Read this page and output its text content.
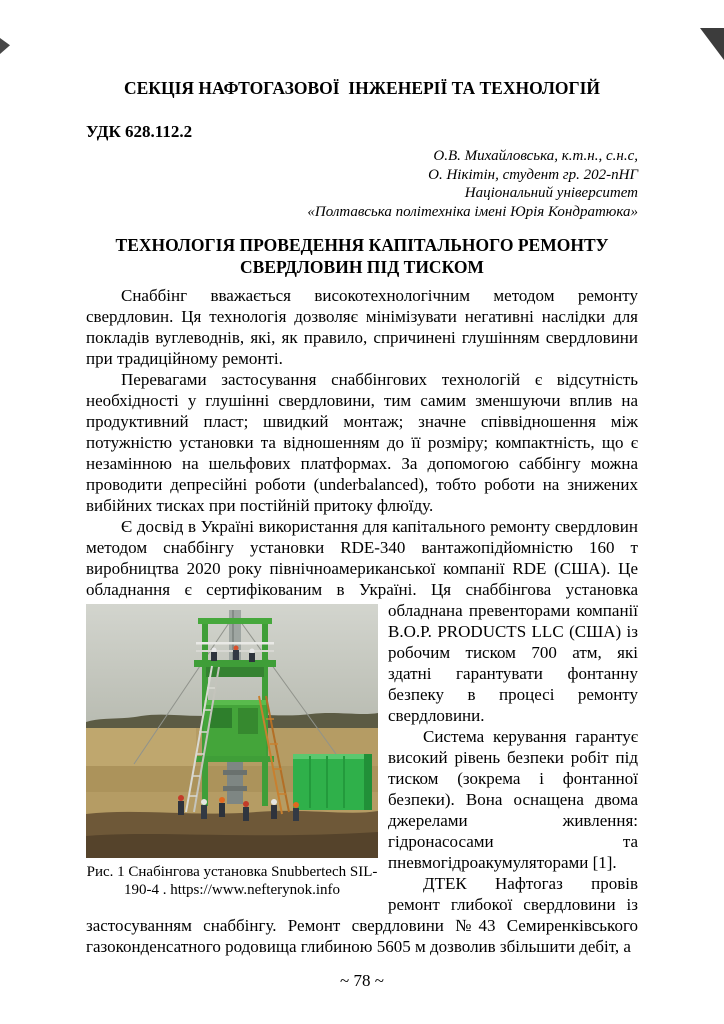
СЕКЦІЯ НАФТОГАЗОВОЇ  ІНЖЕНЕРІЇ ТА ТЕХНОЛОГІЙ
УДК 628.112.2
О.В. Михайловська, к.т.н., с.н.с,
О. Нікітін, студент гр. 202-пНГ
Національний університет
«Полтавська політехніка імені Юрія Кондратюка»
ТЕХНОЛОГІЯ ПРОВЕДЕННЯ КАПІТАЛЬНОГО РЕМОНТУ СВЕРДЛОВИН ПІД ТИСКОМ

Снаббінг вважається високотехнологічним методом ремонту свердловин. Ця технологія дозволяє мінімізувати негативні наслідки для покладів вуглеводнів, які, як правило, спричинені глушінням свердловини при традиційному ремонті.

Перевагами застосування снаббінгових технологій є відсутність необхідності у глушінні свердловини, тим самим зменшуючи вплив на продуктивний пласт; швидкий монтаж; значне співвідношення між потужністю установки та відношенням до її розміру; компактність, що є незамінною на шельфових платформах. За допомогою саббінгу можна проводити депресійні роботи (underbalanced), тобто роботи на знижених вибійних тисках при постійній притоку флюїду.

Є досвід в Україні використання для капітального ремонту свердловин методом снаббінгу установки RDE-340 вантажопідйомністю 160 т виробництва 2020 року північноамериканської компанії RDE (США). Це обладнання є сертифікованим в Україні. Ця снаббінгова
Рис. 1 Снабінгова установка Snubbertech SIL-190-4 . https://www.nefterynok.info
установка обладнана превенторами компанії B.O.P. PRODUCTS LLC (США) із робочим тиском 700 атм, які здатні гарантувати фонтанну безпеку в процесі ремонту свердловини.

Система керування гарантує високий рівень безпеки робіт під тиском (зокрема і фонтанної безпеки). Вона оснащена двома джерелами живлення: гідронасосами та пневмогідроакумуляторами [1].

ДТЕК Нафтогаз провів ремонт глибокої свердловини із застосуванням снаббінгу. Ремонт свердловини №43 Семиренківського газоконденсатного родовища глибиною 5605 м дозволив збільшити дебіт, а

~ 78 ~
